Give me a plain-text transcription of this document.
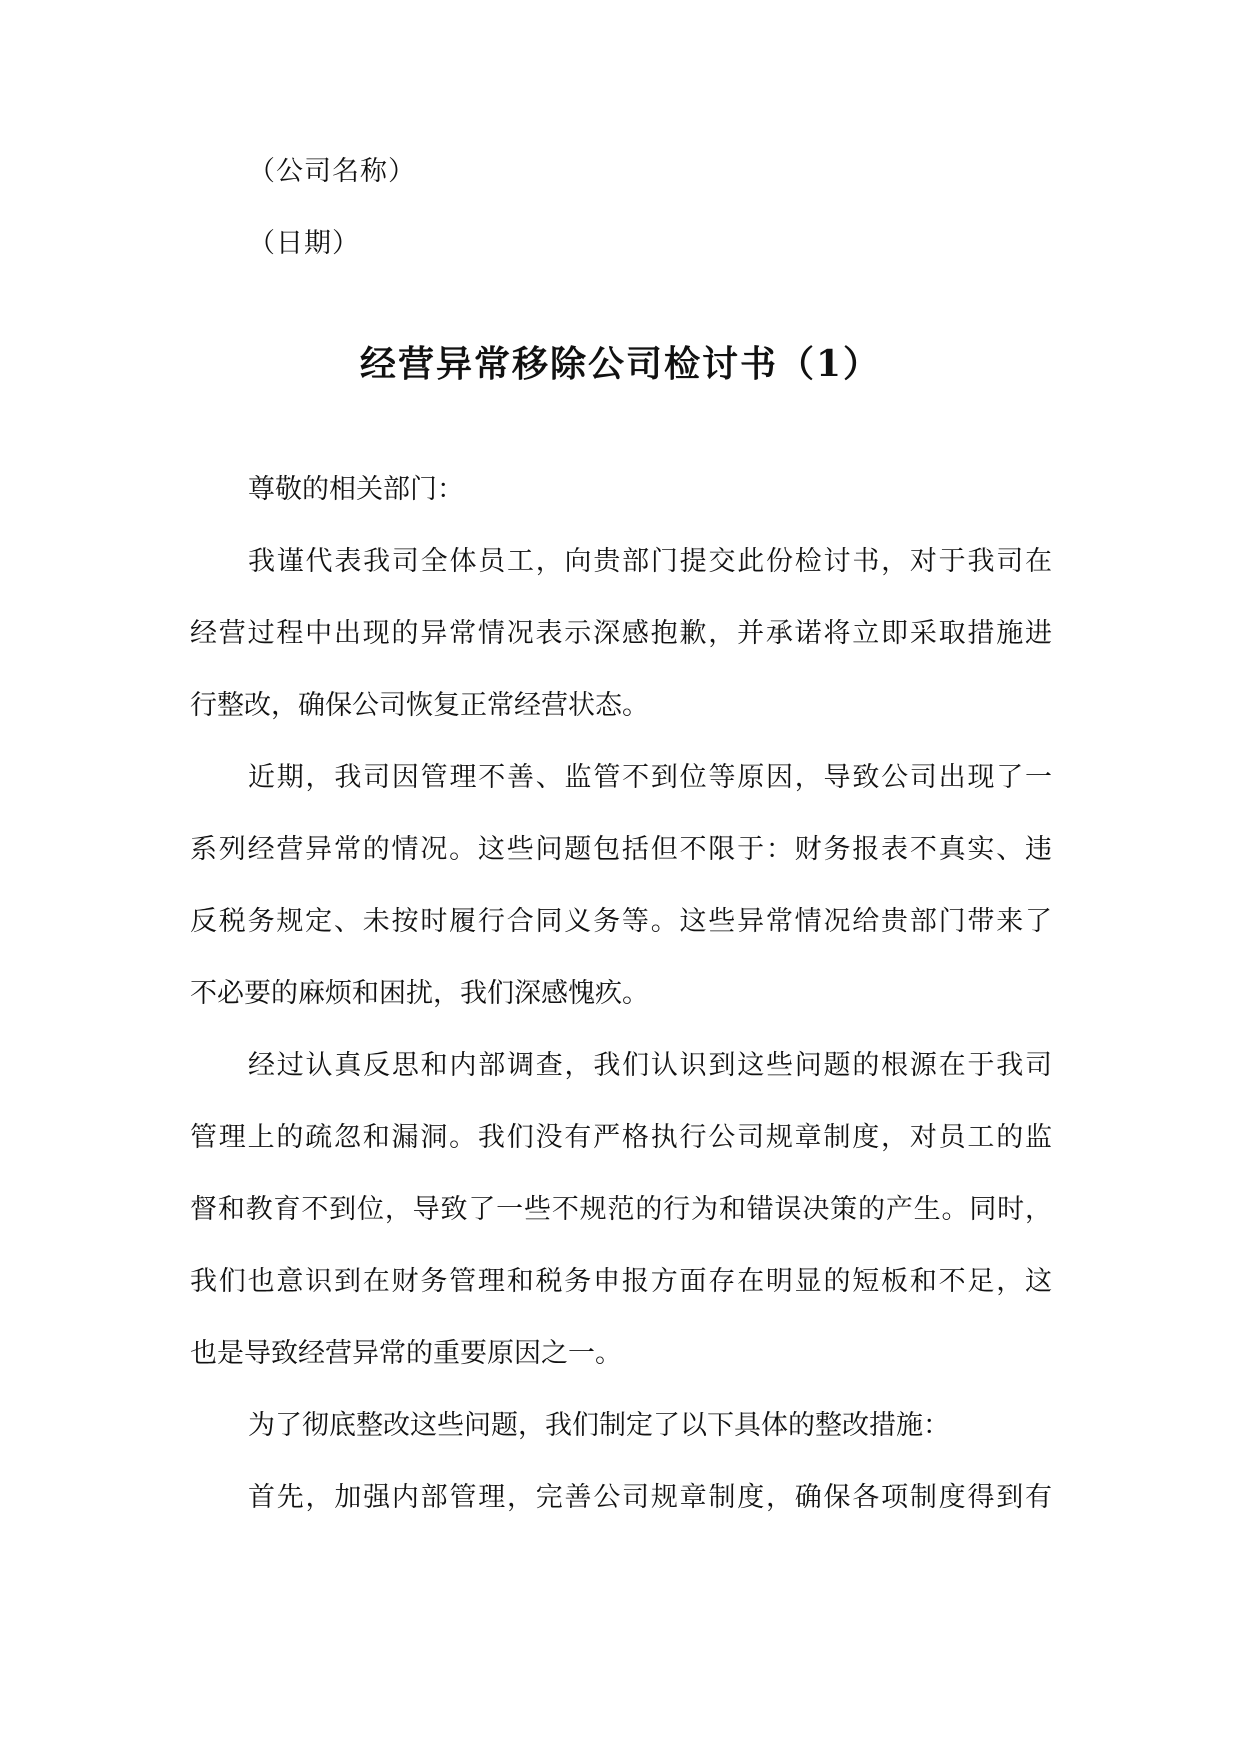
（公司名称）
（日期）
经营异常移除公司检讨书（1）
尊敬的相关部门：
我谨代表我司全体员工，向贵部门提交此份检讨书，对于我司在
经营过程中出现的异常情况表示深感抱歉，并承诺将立即采取措施进
行整改，确保公司恢复正常经营状态。
近期，我司因管理不善、监管不到位等原因，导致公司出现了一
系列经营异常的情况。这些问题包括但不限于：财务报表不真实、违
反税务规定、未按时履行合同义务等。这些异常情况给贵部门带来了
不必要的麻烦和困扰，我们深感愧疚。
经过认真反思和内部调查，我们认识到这些问题的根源在于我司
管理上的疏忽和漏洞。我们没有严格执行公司规章制度，对员工的监
督和教育不到位，导致了一些不规范的行为和错误决策的产生。同时，
我们也意识到在财务管理和税务申报方面存在明显的短板和不足，这
也是导致经营异常的重要原因之一。
为了彻底整改这些问题，我们制定了以下具体的整改措施：
首先，加强内部管理，完善公司规章制度，确保各项制度得到有
